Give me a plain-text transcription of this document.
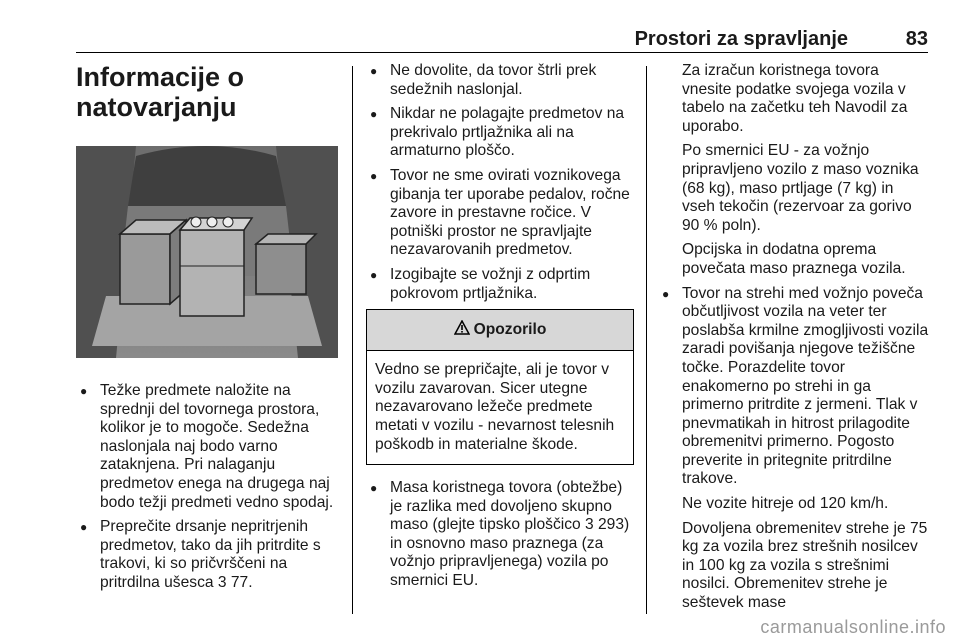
Prostori za spravljanje	83
Informacije o
natovarjanju
● Težke predmete naložite na sprednji del tovornega prostora, kolikor je to mogoče. Sedežna naslonjala naj bodo varno zataknjena. Pri nalaganju predmetov enega na drugega naj bodo težji predmeti vedno spodaj.
● Preprečite drsanje nepritrjenih predmetov, tako da jih pritrdite s trakovi, ki so pričvrščeni na pritrdilna ušesca 3 77.
● Ne dovolite, da tovor štrli prek sedežnih naslonjal.
● Nikdar ne polagajte predmetov na prekrivalo prtljažnika ali na armaturno ploščo.
● Tovor ne sme ovirati voznikovega gibanja ter uporabe pedalov, ročne zavore in prestavne ročice. V potniški prostor ne spravljajte nezavarovanih predmetov.
● Izogibajte se vožnji z odprtim pokrovom prtljažnika.
Opozorilo
Vedno se prepričajte, ali je tovor v vozilu zavarovan. Sicer utegne nezavarovano ležeče predmete metati v vozilu - nevarnost telesnih poškodb in materialne škode.
● Masa koristnega tovora (obtežbe) je razlika med dovoljeno skupno maso (glejte tipsko ploščico 3 293) in osnovno maso praznega (za vožnjo pripravljenega) vozila po smernici EU.

Za izračun koristnega tovora vnesite podatke svojega vozila v tabelo na začetku teh Navodil za uporabo.

Po smernici EU - za vožnjo pripravljeno vozilo z maso voznika (68 kg), maso prtljage (7 kg) in vseh tekočin (rezervoar za gorivo 90 % poln).

Opcijska in dodatna oprema povečata maso praznega vozila.

● Tovor na strehi med vožnjo poveča občutljivost vozila na veter ter poslabša krmilne zmogljivosti vozila zaradi povišanja njegove težiščne točke. Porazdelite tovor enakomerno po strehi in ga primerno pritrdite z jermeni. Tlak v pnevmatikah in hitrost prilagodite obremenitvi primerno. Pogosto preverite in pritegnite pritrdilne trakove.

Ne vozite hitreje od 120 km/h.

Dovoljena obremenitev strehe je 75 kg za vozila brez strešnih nosilcev in 100 kg za vozila s strešnimi nosilci. Obremenitev strehe je seštevek mase

carmanualsonline.info
